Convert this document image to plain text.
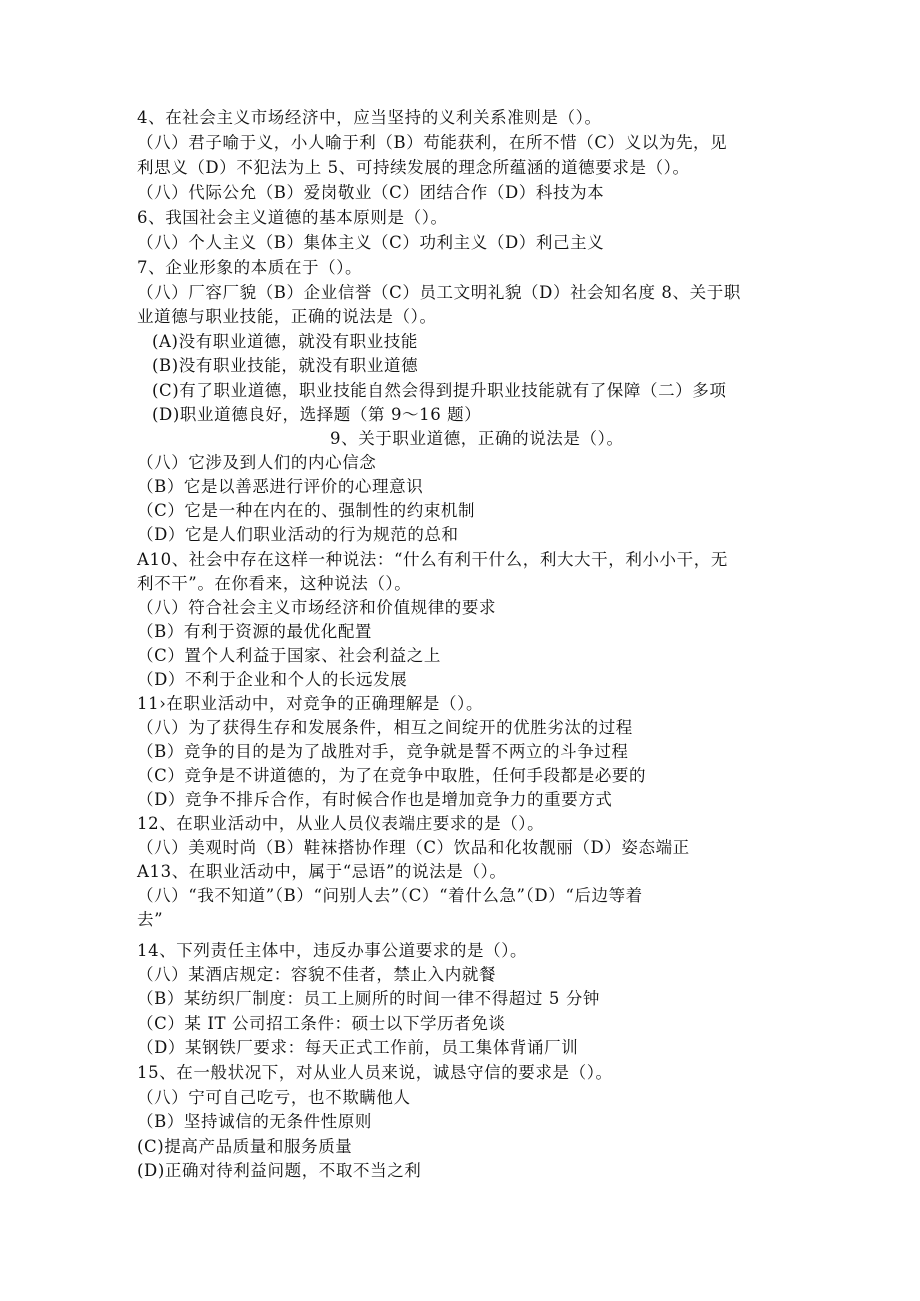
4、在社会主义市场经济中，应当坚持的义利关系准则是（）。
（八）君子喻于义，小人喻于利（B）苟能获利，在所不惜（C）义以为先，见
利思义（D）不犯法为上 5、可持续发展的理念所蕴涵的道德要求是（）。
（八）代际公允（B）爱岗敬业（C）团结合作（D）科技为本
6、我国社会主义道德的基本原则是（）。
（八）个人主义（B）集体主义（C）功利主义（D）利己主义
7、企业形象的本质在于（）。
（八）厂容厂貌（B）企业信誉（C）员工文明礼貌（D）社会知名度 8、关于职
业道德与职业技能，正确的说法是（）。
(A)没有职业道德，就没有职业技能
(B)没有职业技能，就没有职业道德
(C)有了职业道德，职业技能自然会得到提升职业技能就有了保障（二）多项
(D)职业道德良好，选择题（第 9～16 题）
9、关于职业道德，正确的说法是（）。
（八）它涉及到人们的内心信念
（B）它是以善恶进行评价的心理意识
（C）它是一种在内在的、强制性的约束机制
（D）它是人们职业活动的行为规范的总和
A10、社会中存在这样一种说法：“什么有利干什么，利大大干，利小小干，无
利不干”。在你看来，这种说法（）。
（八）符合社会主义市场经济和价值规律的要求
（B）有利于资源的最优化配置
（C）置个人利益于国家、社会利益之上
（D）不利于企业和个人的长远发展
11›在职业活动中，对竞争的正确理解是（）。
（八）为了获得生存和发展条件，相互之间绽开的优胜劣汰的过程
（B）竞争的目的是为了战胜对手，竞争就是誓不两立的斗争过程
（C）竞争是不讲道德的，为了在竞争中取胜，任何手段都是必要的
（D）竞争不排斥合作，有时候合作也是增加竞争力的重要方式
12、在职业活动中，从业人员仪表端庄要求的是（）。
（八）美观时尚（B）鞋袜搭协作理（C）饮品和化妆靓丽（D）姿态端正
A13、在职业活动中，属于“忌语”的说法是（）。
（八）“我不知道”（B）“问别人去”（C）“着什么急”（D）“后边等着
去”
14、下列责任主体中，违反办事公道要求的是（）。
（八）某酒店规定：容貌不佳者，禁止入内就餐
（B）某纺织厂制度：员工上厕所的时间一律不得超过 5 分钟
（C）某 IT 公司招工条件：硕士以下学历者免谈
（D）某钢铁厂要求：每天正式工作前，员工集体背诵厂训
15、在一般状况下，对从业人员来说，诚恳守信的要求是（）。
（八）宁可自己吃亏，也不欺瞒他人
（B）坚持诚信的无条件性原则
(C)提高产品质量和服务质量
(D)正确对待利益问题，不取不当之利
